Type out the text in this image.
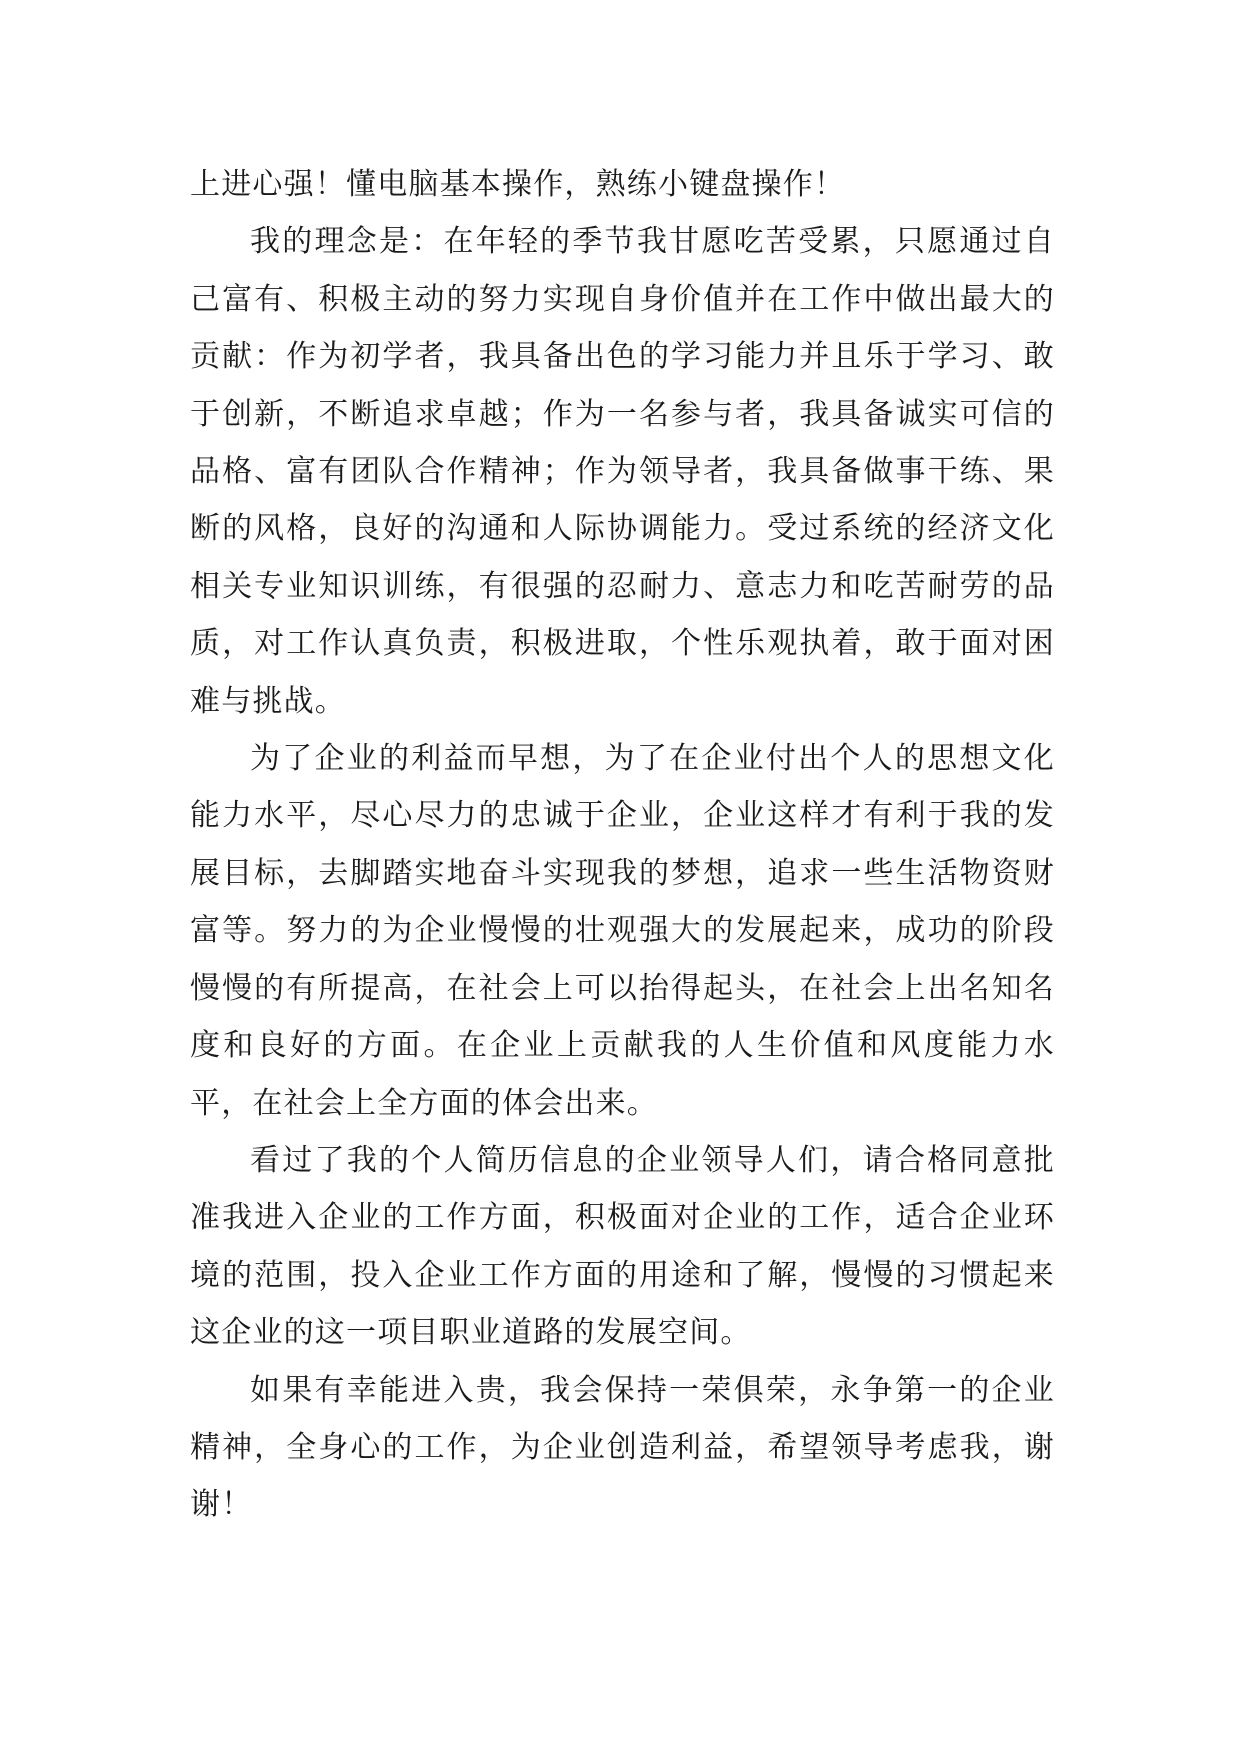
上进心强！懂电脑基本操作，熟练小键盘操作！

我的理念是：在年轻的季节我甘愿吃苦受累，只愿通过自己富有、积极主动的努力实现自身价值并在工作中做出最大的贡献：作为初学者，我具备出色的学习能力并且乐于学习、敢于创新，不断追求卓越；作为一名参与者，我具备诚实可信的品格、富有团队合作精神；作为领导者，我具备做事干练、果断的风格，良好的沟通和人际协调能力。受过系统的经济文化相关专业知识训练，有很强的忍耐力、意志力和吃苦耐劳的品质，对工作认真负责，积极进取，个性乐观执着，敢于面对困难与挑战。

为了企业的利益而早想，为了在企业付出个人的思想文化能力水平，尽心尽力的忠诚于企业，企业这样才有利于我的发展目标，去脚踏实地奋斗实现我的梦想，追求一些生活物资财富等。努力的为企业慢慢的壮观强大的发展起来，成功的阶段慢慢的有所提高，在社会上可以抬得起头，在社会上出名知名度和良好的方面。在企业上贡献我的人生价值和风度能力水平，在社会上全方面的体会出来。

看过了我的个人简历信息的企业领导人们，请合格同意批准我进入企业的工作方面，积极面对企业的工作，适合企业环境的范围，投入企业工作方面的用途和了解，慢慢的习惯起来这企业的这一项目职业道路的发展空间。

如果有幸能进入贵，我会保持一荣俱荣，永争第一的企业精神，全身心的工作，为企业创造利益，希望领导考虑我，谢谢！
